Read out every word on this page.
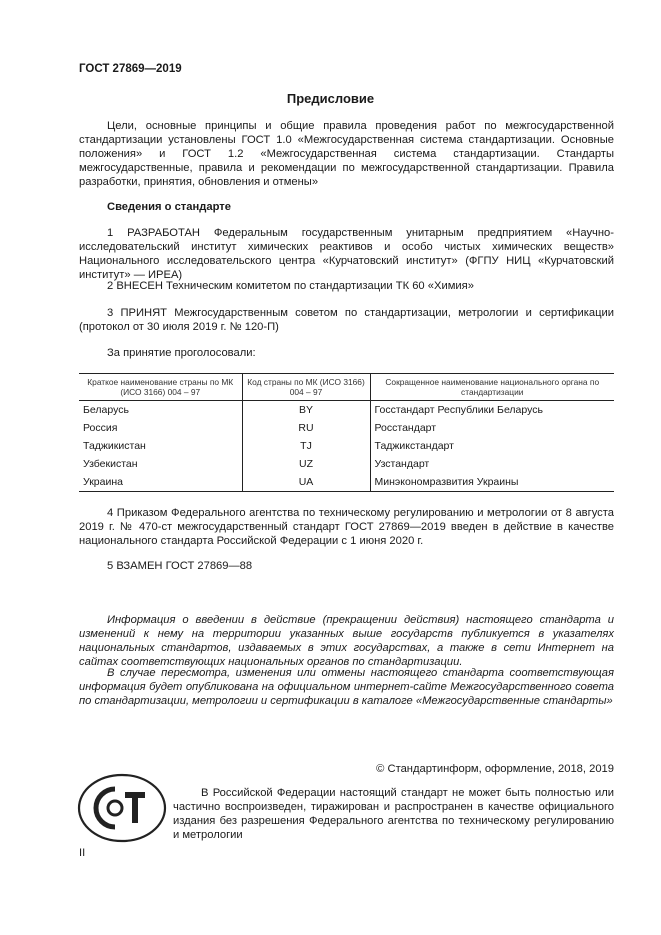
ГОСТ 27869—2019
Предисловие
Цели, основные принципы и общие правила проведения работ по межгосударственной стандартизации установлены ГОСТ 1.0 «Межгосударственная система стандартизации. Основные положения» и ГОСТ 1.2 «Межгосударственная система стандартизации. Стандарты межгосударственные, правила и рекомендации по межгосударственной стандартизации. Правила разработки, принятия, обновления и отмены»
Сведения о стандарте
1 РАЗРАБОТАН Федеральным государственным унитарным предприятием «Научно-исследовательский институт химических реактивов и особо чистых химических веществ» Национального исследовательского центра «Курчатовский институт» (ФГПУ НИЦ «Курчатовский институт» — ИРЕА)
2 ВНЕСЕН Техническим комитетом по стандартизации ТК 60 «Химия»
3 ПРИНЯТ Межгосударственным советом по стандартизации, метрологии и сертификации (протокол от 30 июля 2019 г. № 120-П)
За принятие проголосовали:
Краткое наименование страны по МК (ИСО 3166) 004 – 97	Код страны по МК (ИСО 3166) 004 – 97	Сокращенное наименование национального органа по стандартизации
Беларусь	BY	Госстандарт Республики Беларусь
Россия	RU	Росстандарт
Таджикистан	TJ	Таджикстандарт
Узбекистан	UZ	Узстандарт
Украина	UA	Минэкономразвития Украины
4 Приказом Федерального агентства по техническому регулированию и метрологии от 8 августа 2019 г. № 470-ст межгосударственный стандарт ГОСТ 27869—2019 введен в действие в качестве национального стандарта Российской Федерации с 1 июня 2020 г.
5 ВЗАМЕН ГОСТ 27869—88
Информация о введении в действие (прекращении действия) настоящего стандарта и изменений к нему на территории указанных выше государств публикуется в указателях национальных стандартов, издаваемых в этих государствах, а также в сети Интернет на сайтах соответствующих национальных органов по стандартизации.
В случае пересмотра, изменения или отмены настоящего стандарта соответствующая информация будет опубликована на официальном интернет-сайте Межгосударственного совета по стандартизации, метрологии и сертификации в каталоге «Межгосударственные стандарты»
© Стандартинформ, оформление, 2018, 2019
В Российской Федерации настоящий стандарт не может быть полностью или частично воспроизведен, тиражирован и распространен в качестве официального издания без разрешения Федерального агентства по техническому регулированию и метрологии
II
